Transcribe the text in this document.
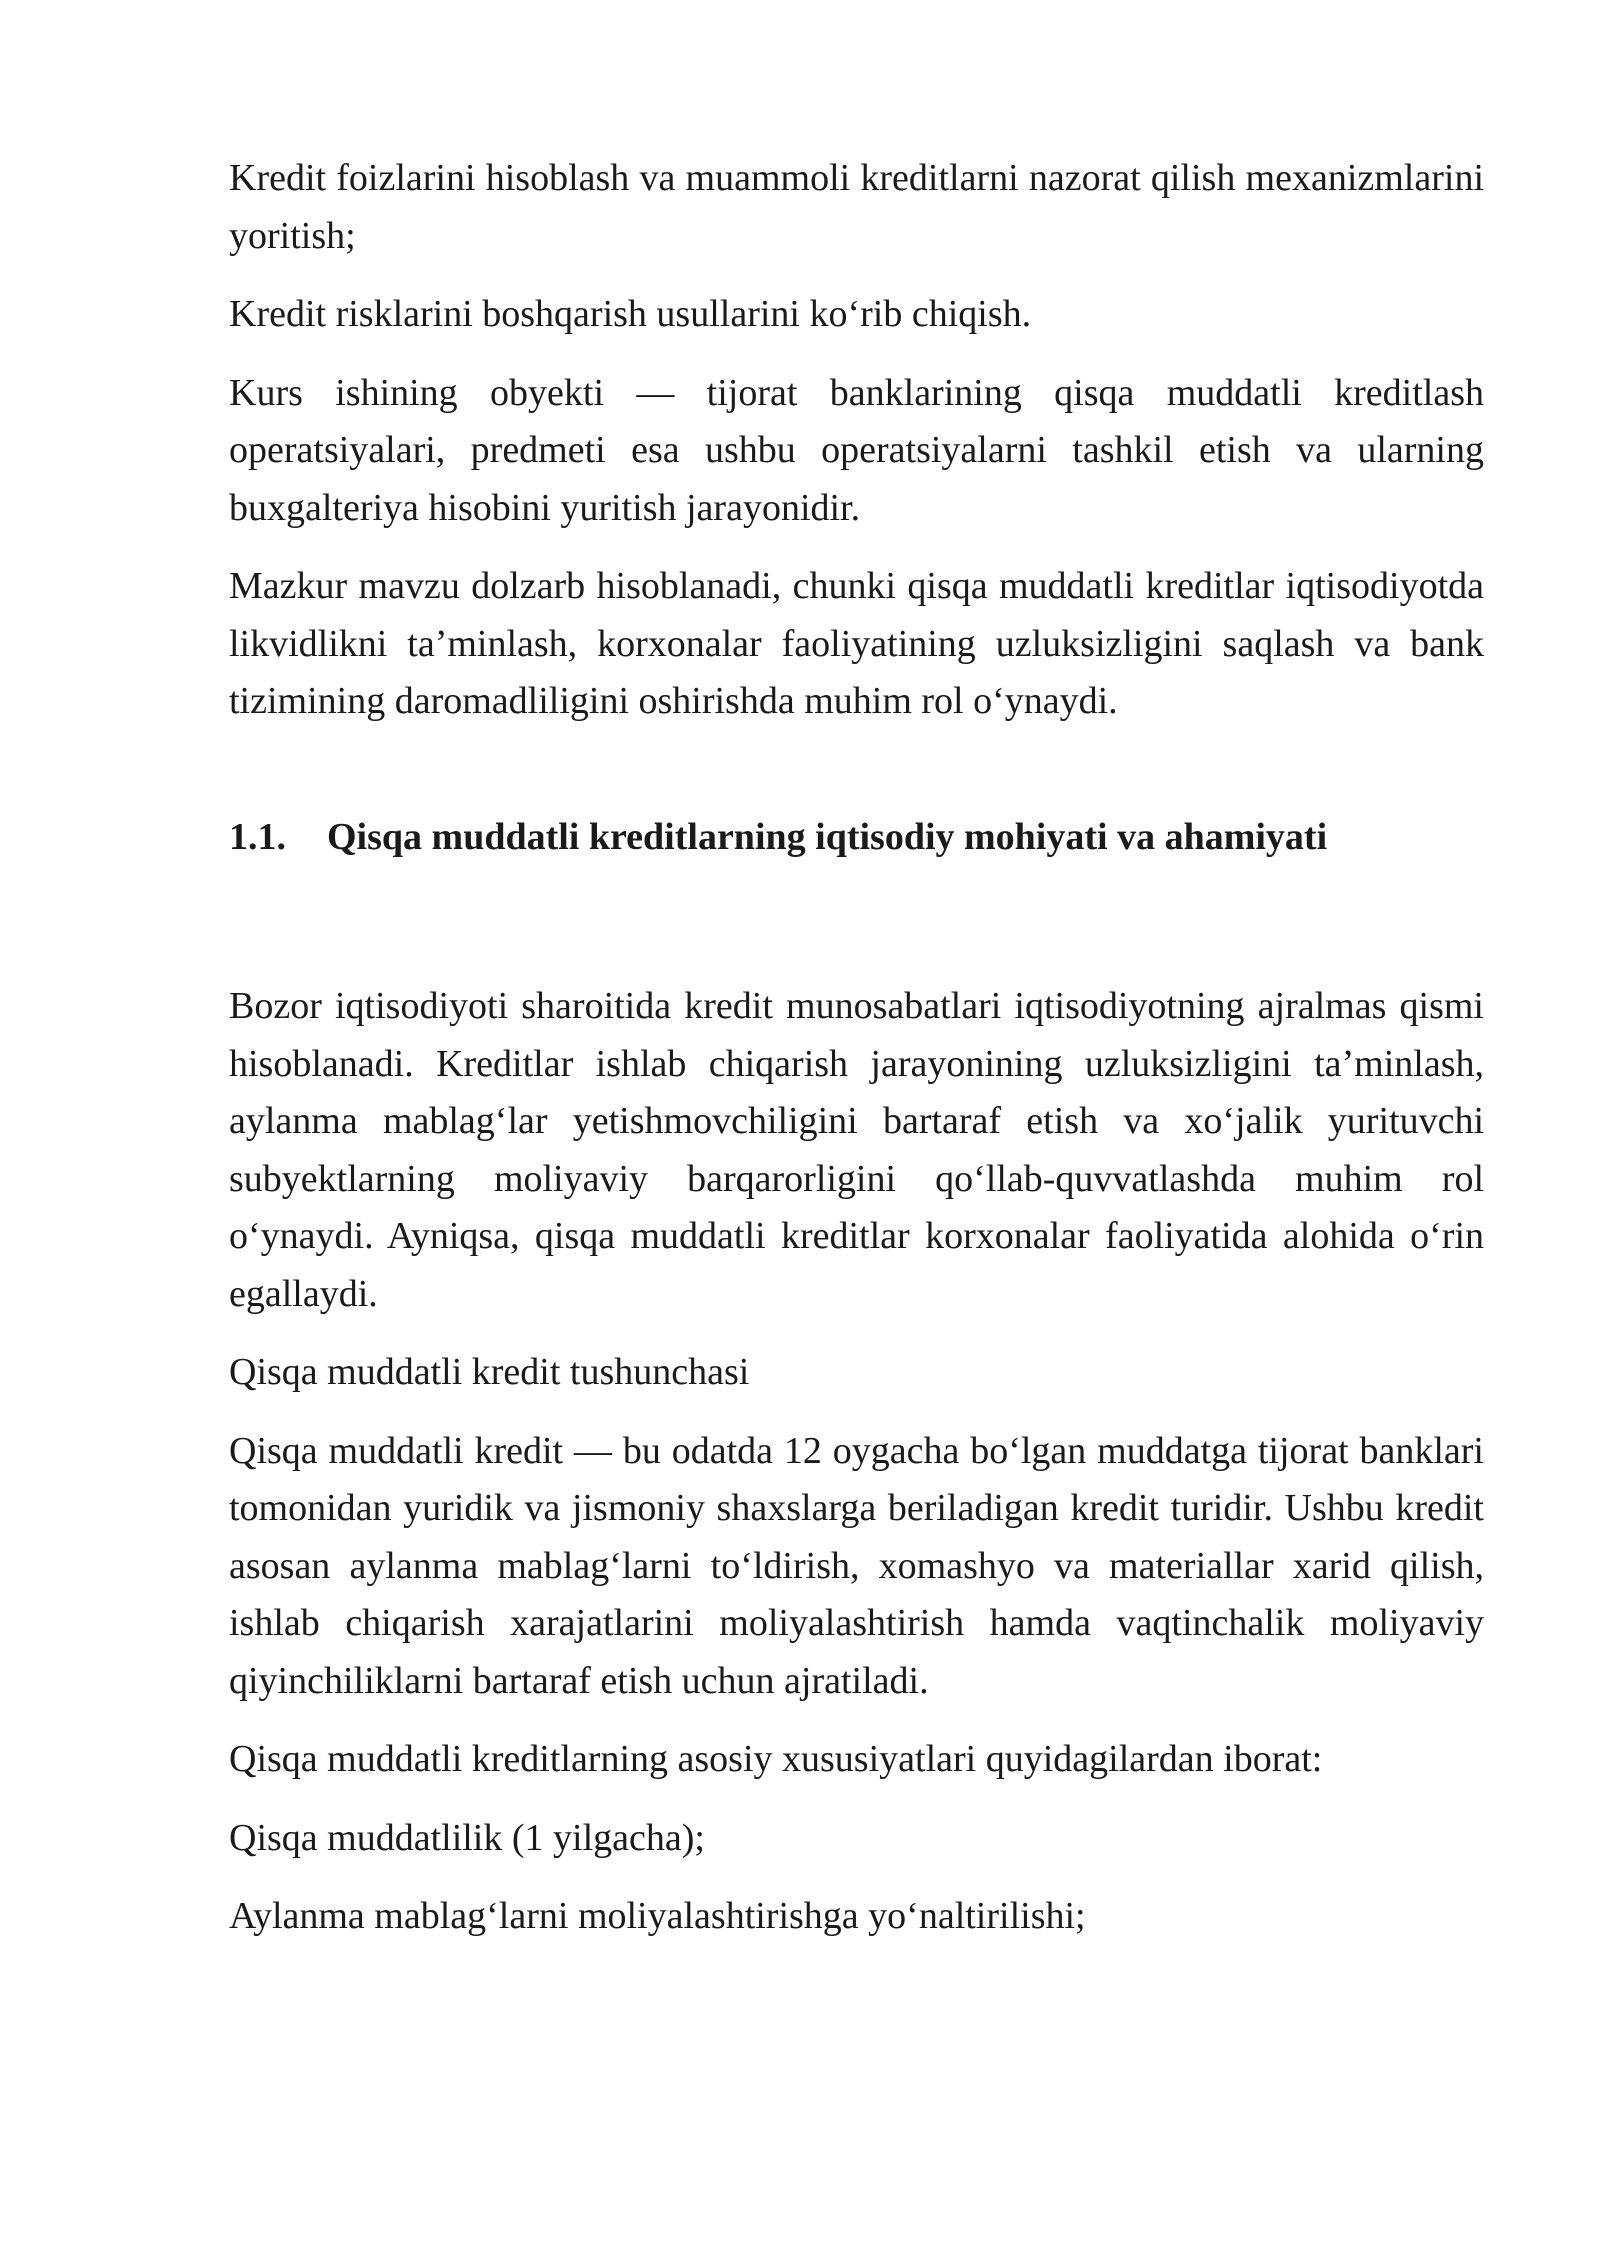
Kredit foizlarini hisoblash va muammoli kreditlarni nazorat qilish mexanizmlarini yoritish;

Kredit risklarini boshqarish usullarini koʻrib chiqish.

Kurs ishining obyekti — tijorat banklarining qisqa muddatli kreditlash operatsiyalari, predmeti esa ushbu operatsiyalarni tashkil etish va ularning buxgalteriya hisobini yuritish jarayonidir.

Mazkur mavzu dolzarb hisoblanadi, chunki qisqa muddatli kreditlar iqtisodiyotda likvidlikni taʼminlash, korxonalar faoliyatining uzluksizligini saqlash va bank tizimining daromadliligini oshirishda muhim rol oʻynaydi.

1.1.	Qisqa muddatli kreditlarning iqtisodiy mohiyati va ahamiyati

Bozor iqtisodiyoti sharoitida kredit munosabatlari iqtisodiyotning ajralmas qismi hisoblanadi. Kreditlar ishlab chiqarish jarayonining uzluksizligini taʼminlash, aylanma mablagʻlar yetishmovchiligini bartaraf etish va xoʻjalik yurituvchi subyektlarning moliyaviy barqarorligini qoʻllab-quvvatlashda muhim rol oʻynaydi. Ayniqsa, qisqa muddatli kreditlar korxonalar faoliyatida alohida oʻrin egallaydi.

Qisqa muddatli kredit tushunchasi

Qisqa muddatli kredit — bu odatda 12 oygacha boʻlgan muddatga tijorat banklari tomonidan yuridik va jismoniy shaxslarga beriladigan kredit turidir. Ushbu kredit asosan aylanma mablagʻlarni toʻldirish, xomashyo va materiallar xarid qilish, ishlab chiqarish xarajatlarini moliyalashtirish hamda vaqtinchalik moliyaviy qiyinchiliklarni bartaraf etish uchun ajratiladi.

Qisqa muddatli kreditlarning asosiy xususiyatlari quyidagilardan iborat:

Qisqa muddatlilik (1 yilgacha);

Aylanma mablagʻlarni moliyalashtirishga yoʻnaltirilishi;
